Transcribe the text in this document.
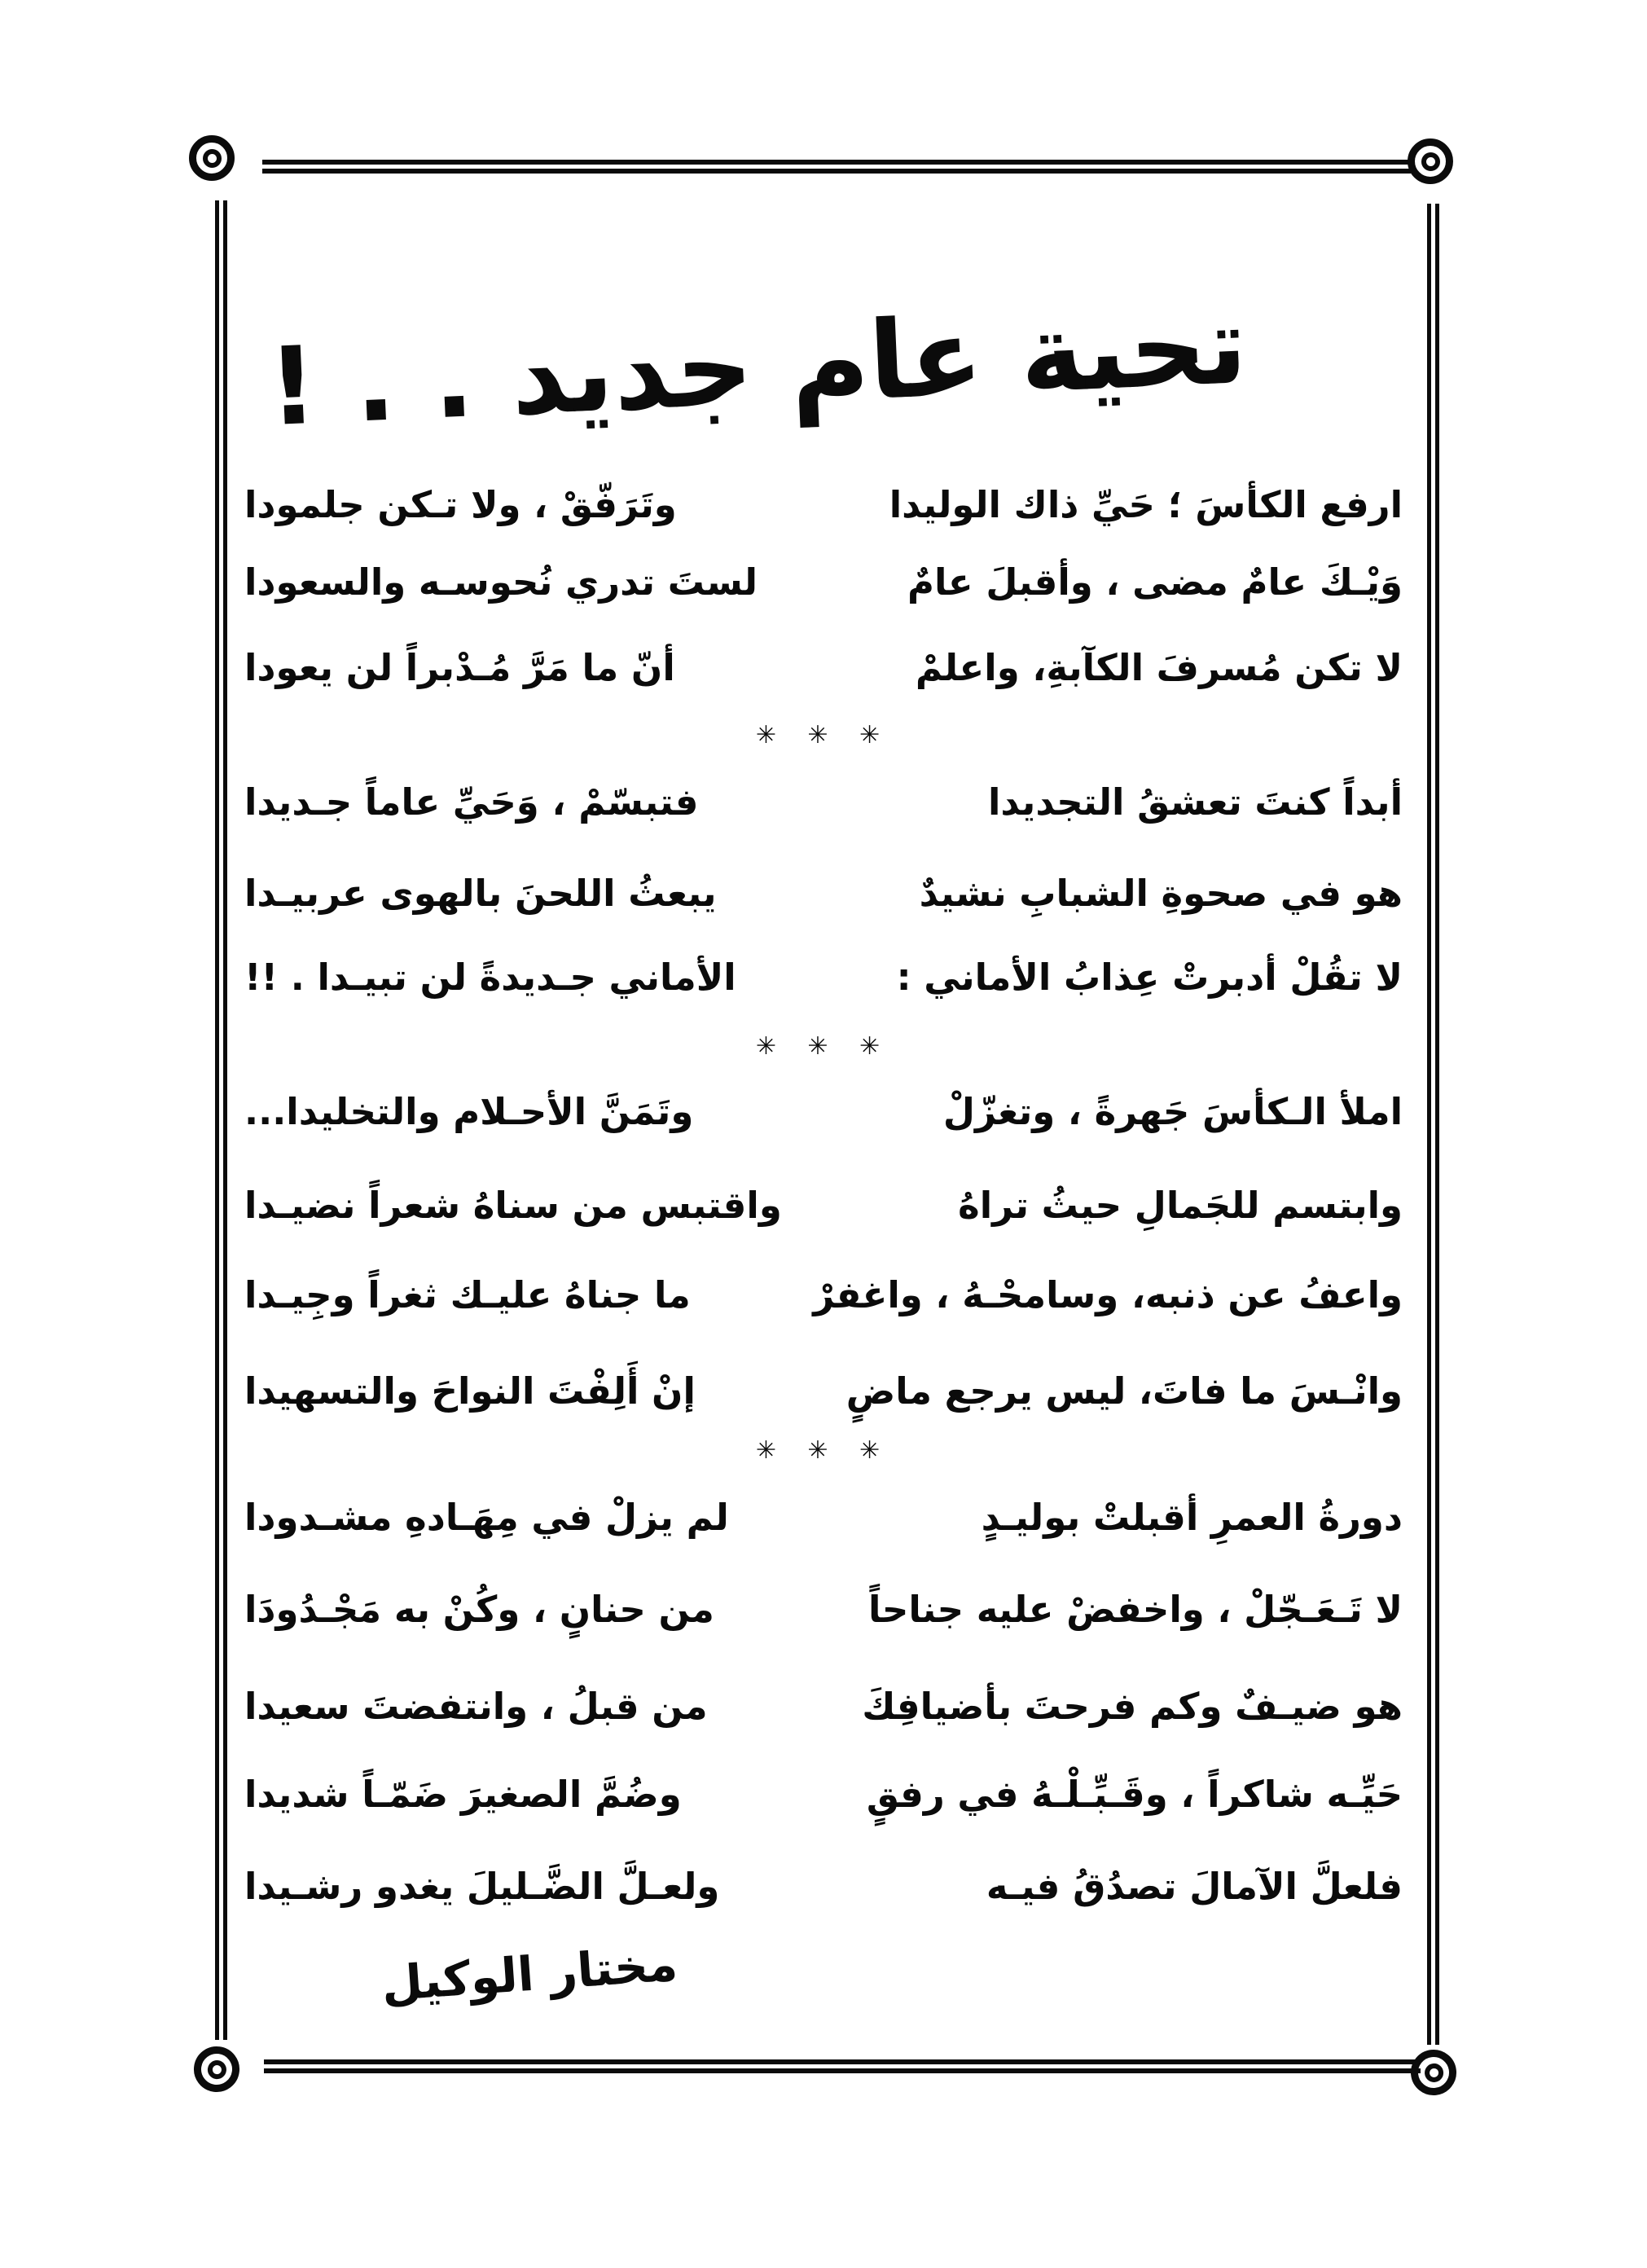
تحية عام جديد . . !
ارفع الكأسَ ؛ حَيِّ ذاك الوليدا
وتَرَفّقْ ، ولا تـكن جلمودا
وَيْـكَ عامٌ مضى ، وأقبلَ عامٌ
لستَ تدري نُحوسـه والسعودا
لا تكن مُسرفَ الكآبةِ، واعلمْ
أنّ ما مَرَّ مُـدْبراً لن يعودا
✳ ✳ ✳
أبداً كنتَ تعشقُ التجديدا
فتبسّمْ ، وَحَيِّ عاماً جـديدا
هو في صحوةِ الشبابِ نشيدٌ
يبعثُ اللحنَ بالهوى عربيـدا
لا تقُلْ أدبرتْ عِذابُ الأماني :
الأماني جـديدةً لن تبيـدا . !!
✳ ✳ ✳
املأ الـكأسَ جَهرةً ، وتغزّلْ
وتَمَنَّ الأحـلام والتخليدا...
وابتسم للجَمالِ حيثُ تراهُ
واقتبس من سناهُ شعراً نضيـدا
واعفُ عن ذنبه، وسامحْـهُ ، واغفرْ
ما جناهُ عليـك ثغراً وجِيـدا
وانْـسَ ما فاتَ، ليس يرجع ماضٍ
إنْ أَلِفْتَ النواحَ والتسهيدا
✳ ✳ ✳
دورةُ العمرِ أقبلتْ بوليـدٍ
لم يزلْ في مِهَـادهِ مشـدودا
لا تَـعَـجّلْ ، واخفضْ عليه جناحاً
من حنانٍ ، وكُنْ به مَجْـدُودَا
هو ضيـفٌ وكم فرحتَ بأضيافِكَ
من قبلُ ، وانتفضتَ سعيدا
حَيِّـه شاكراً ، وقَـبِّـلْـهُ في رفقٍ
وضُمَّ الصغيرَ ضَمّـاً شديدا
فلعلَّ الآمالَ تصدُقُ فيـه
ولعـلَّ الضَّـليلَ يغدو رشـيدا
مختار الوكيل
